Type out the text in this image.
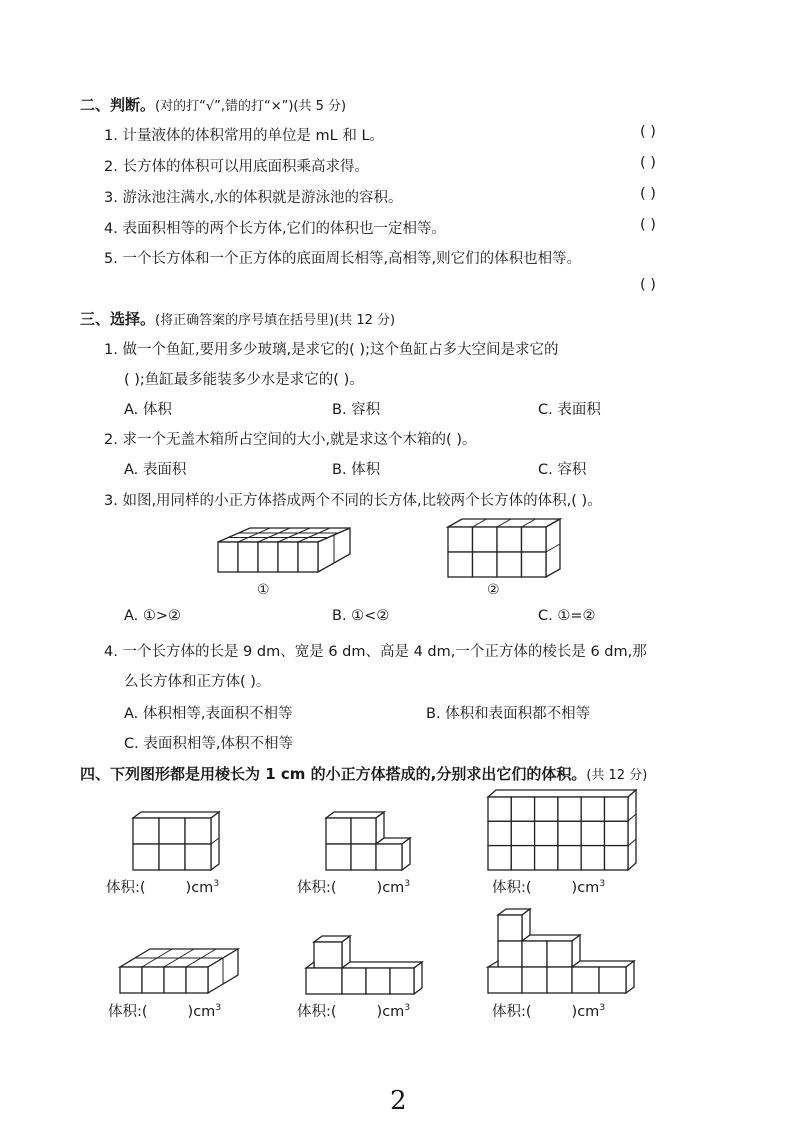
二、判断。(对的打“√”,错的打“×”)(共 5 分)
1. 计量液体的体积常用的单位是 mL 和 L。	( )
2. 长方体的体积可以用底面积乘高求得。	( )
3. 游泳池注满水,水的体积就是游泳池的容积。	( )
4. 表面积相等的两个长方体,它们的体积也一定相等。	( )
5. 一个长方体和一个正方体的底面周长相等,高相等,则它们的体积也相等。
( )
三、选择。(将正确答案的序号填在括号里)(共 12 分)
1. 做一个鱼缸,要用多少玻璃,是求它的( );这个鱼缸占多大空间是求它的
( );鱼缸最多能装多少水是求它的( )。
A. 体积	B. 容积	C. 表面积
2. 求一个无盖木箱所占空间的大小,就是求这个木箱的( )。
A. 表面积	B. 体积	C. 容积
3. 如图,用同样的小正方体搭成两个不同的长方体,比较两个长方体的体积,( )。
①	②
A. ①>②	B. ①<②	C. ①=②
4. 一个长方体的长是 9 dm、宽是 6 dm、高是 4 dm,一个正方体的棱长是 6 dm,那
么长方体和正方体( )。
A. 体积相等,表面积不相等	B. 体积和表面积都不相等
C. 表面积相等,体积不相等
四、下列图形都是用棱长为 1 cm 的小正方体搭成的,分别求出它们的体积。(共 12 分)
体积:(	)$cm^3$	体积:(	)$cm^3$	体积:(	)$cm^3$
体积:(	)$cm^3$	体积:(	)$cm^3$	体积:(	)$cm^3$
2
